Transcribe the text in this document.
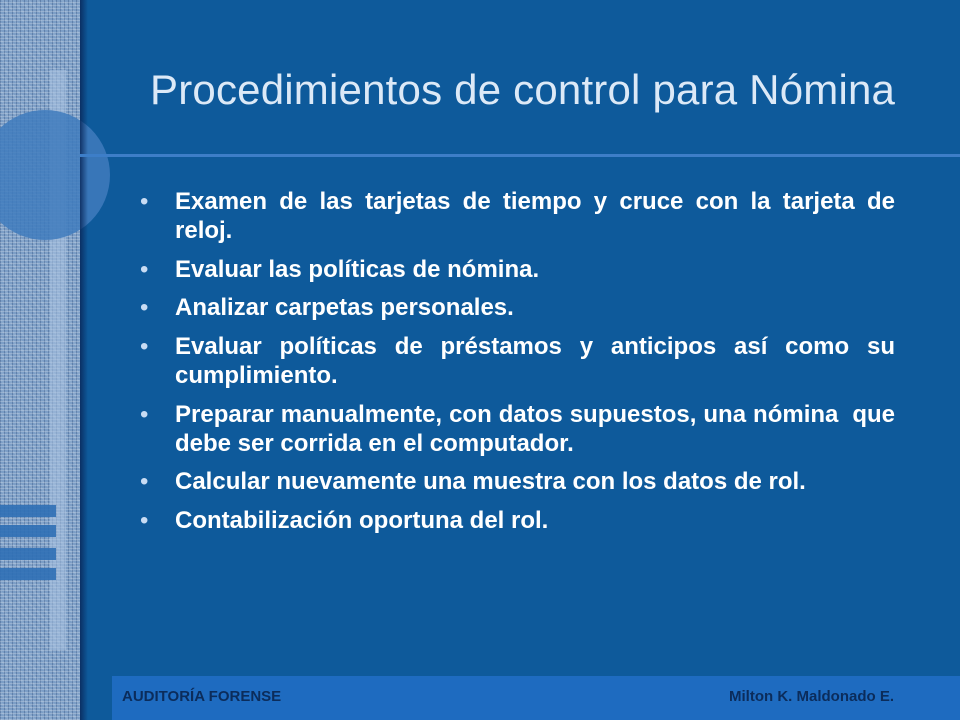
Procedimientos de control para Nómina
• Examen de las tarjetas de tiempo y cruce con la tarjeta de reloj.
• Evaluar las políticas de nómina.
• Analizar carpetas personales.
• Evaluar políticas de préstamos y anticipos así como su cumplimiento.
• Preparar manualmente, con datos supuestos, una nómina  que debe ser corrida en el computador.
• Calcular nuevamente una muestra con los datos de rol.
• Contabilización oportuna del rol.
AUDITORÍA FORENSE	Milton K. Maldonado E.
